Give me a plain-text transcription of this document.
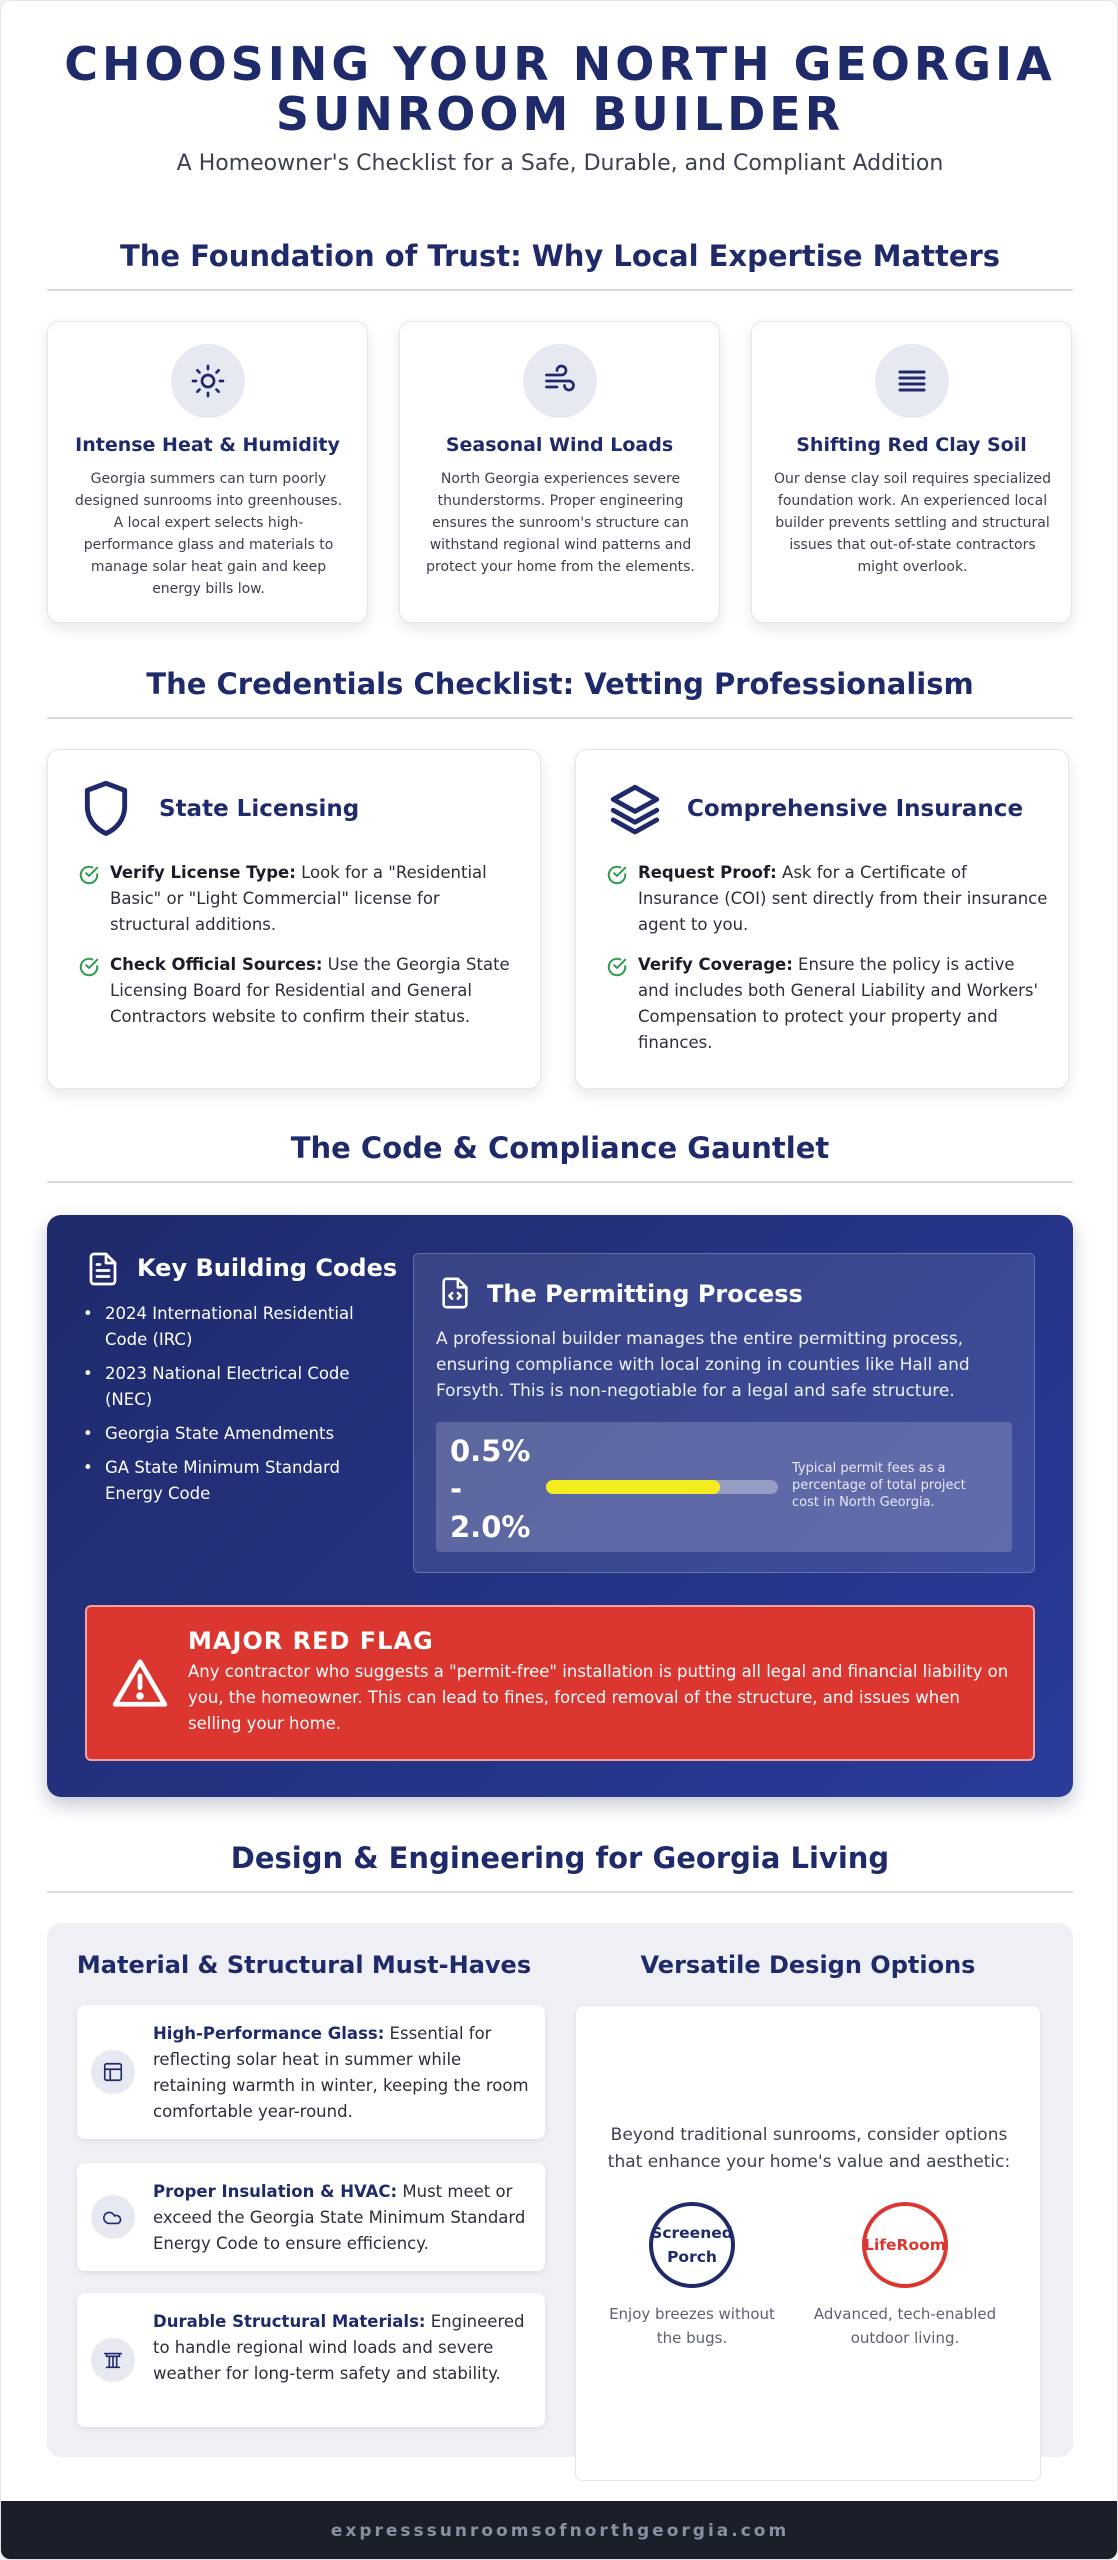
CHOOSING YOUR NORTH GEORGIA
SUNROOM BUILDER
A Homeowner's Checklist for a Safe, Durable, and Compliant Addition
The Foundation of Trust: Why Local Expertise Matters
Intense Heat & Humidity

Georgia summers can turn poorly designed sunrooms into greenhouses. A local expert selects high-performance glass and materials to manage solar heat gain and keep energy bills low.

Seasonal Wind Loads

North Georgia experiences severe thunderstorms. Proper engineering ensures the sunroom's structure can withstand regional wind patterns and protect your home from the elements.

Shifting Red Clay Soil

Our dense clay soil requires specialized foundation work. An experienced local builder prevents settling and structural issues that out-of-state contractors might overlook.

The Credentials Checklist: Vetting Professionalism
State Licensing

Verify License Type: Look for a "Residential Basic" or "Light Commercial" license for structural additions.

Check Official Sources: Use the Georgia State Licensing Board for Residential and General Contractors website to confirm their status.

Comprehensive Insurance

Request Proof: Ask for a Certificate of Insurance (COI) sent directly from their insurance agent to you.

Verify Coverage: Ensure the policy is active and includes both General Liability and Workers' Compensation to protect your property and finances.

The Code & Compliance Gauntlet
Key Building Codes
• 2024 International Residential Code (IRC)
• 2023 National Electrical Code (NEC)
• Georgia State Amendments
• GA State Minimum Standard Energy Code
The Permitting Process
A professional builder manages the entire permitting process, ensuring compliance with local zoning in counties like Hall and Forsyth. This is non-negotiable for a legal and safe structure.
0.5%
-
2.0%
Typical permit fees as a percentage of total project cost in North Georgia.
MAJOR RED FLAG
Any contractor who suggests a "permit-free" installation is putting all legal and financial liability on you, the homeowner. This can lead to fines, forced removal of the structure, and issues when selling your home.
Design & Engineering for Georgia Living
Material & Structural Must-Haves	Versatile Design Options
High-Performance Glass: Essential for reflecting solar heat in summer while retaining warmth in winter, keeping the room comfortable year-round.
Proper Insulation & HVAC: Must meet or exceed the Georgia State Minimum Standard Energy Code to ensure efficiency.
Durable Structural Materials: Engineered to handle regional wind loads and severe weather for long-term safety and stability.
Beyond traditional sunrooms, consider options that enhance your home's value and aesthetic:
Screened
Porch
Enjoy breezes without the bugs.
LifeRoom
Advanced, tech-enabled outdoor living.
expresssunroomsofnorthgeorgia.com
